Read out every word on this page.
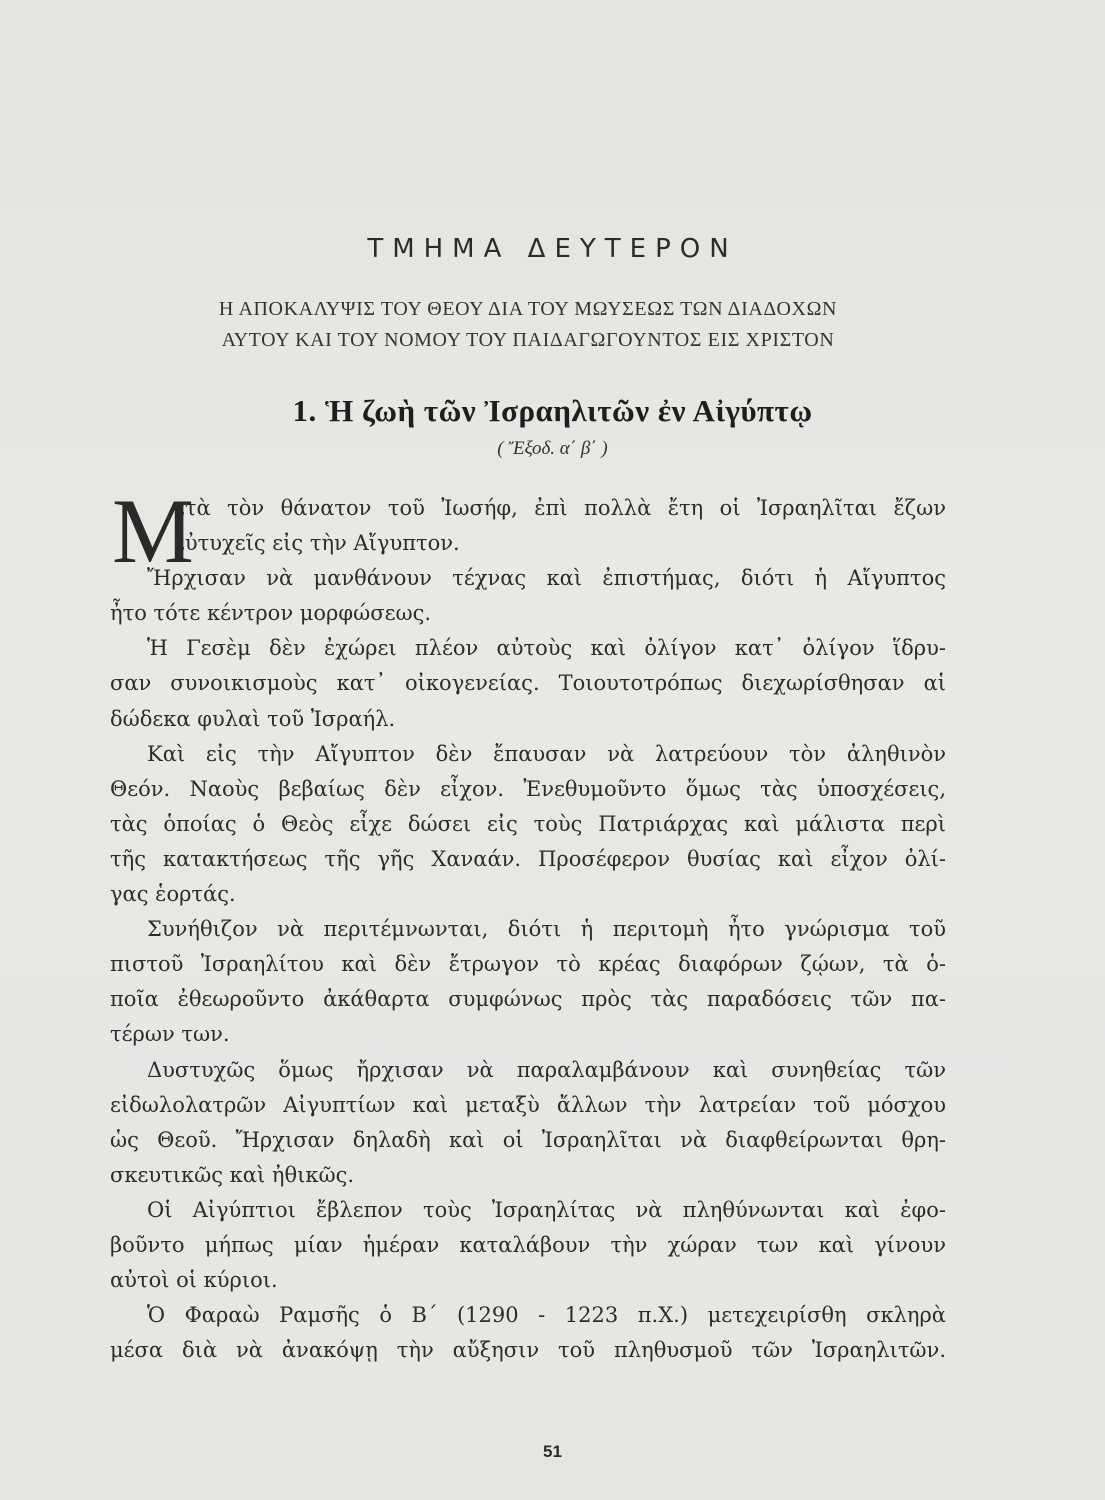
ΤΜΗΜΑ ΔΕΥΤΕΡΟΝ
Η ΑΠΟΚΑΛΥΨΙΣ ΤΟΥ ΘΕΟΥ ΔΙΑ ΤΟΥ ΜΩΥΣΕΩΣ ΤΩΝ ΔΙΑΔΟΧΩΝ
ΑΥΤΟΥ ΚΑΙ ΤΟΥ ΝΟΜΟΥ ΤΟΥ ΠΑΙΔΑΓΩΓΟΥΝΤΟΣ ΕΙΣ ΧΡΙΣΤΟΝ
1. Ἡ ζωὴ τῶν Ἰσραηλιτῶν ἐν Αἰγύπτῳ
( Ἔξοδ. α΄ β΄ )
Μ
ετὰ τὸν θάνατον τοῦ Ἰωσήφ, ἐπὶ πολλὰ ἔτη οἱ Ἰσραηλῖται ἔζων
εὐτυχεῖς εἰς τὴν Αἴγυπτον.
Ἤρχισαν νὰ μανθάνουν τέχνας καὶ ἐπιστήμας, διότι ἡ Αἴγυπτος
ἦτο τότε κέντρον μορφώσεως.
Ἡ Γεσὲμ δὲν ἐχώρει πλέον αὐτοὺς καὶ ὀλίγον κατ᾽ ὀλίγον ἵδρυ-
σαν συνοικισμοὺς κατ᾽ οἰκογενείας. Τοιουτοτρόπως διεχωρίσθησαν αἱ
δώδεκα φυλαὶ τοῦ Ἰσραήλ.
Καὶ εἰς τὴν Αἴγυπτον δὲν ἔπαυσαν νὰ λατρεύουν τὸν ἀληθινὸν
Θεόν. Ναοὺς βεβαίως δὲν εἶχον. Ἐνεθυμοῦντο ὅμως τὰς ὑποσχέσεις,
τὰς ὁποίας ὁ Θεὸς εἶχε δώσει εἰς τοὺς Πατριάρχας καὶ μάλιστα περὶ
τῆς κατακτήσεως τῆς γῆς Χαναάν. Προσέφερον θυσίας καὶ εἶχον ὀλί-
γας ἑορτάς.
Συνήθιζον νὰ περιτέμνωνται, διότι ἡ περιτομὴ ἦτο γνώρισμα τοῦ
πιστοῦ Ἰσραηλίτου καὶ δὲν ἔτρωγον τὸ κρέας διαφόρων ζῴων, τὰ ὁ-
ποῖα ἐθεωροῦντο ἀκάθαρτα συμφώνως πρὸς τὰς παραδόσεις τῶν πα-
τέρων των.
Δυστυχῶς ὅμως ἤρχισαν νὰ παραλαμβάνουν καὶ συνηθείας τῶν
εἰδωλολατρῶν Αἰγυπτίων καὶ μεταξὺ ἄλλων τὴν λατρείαν τοῦ μόσχου
ὡς Θεοῦ. Ἤρχισαν δηλαδὴ καὶ οἱ Ἰσραηλῖται νὰ διαφθείρωνται θρη-
σκευτικῶς καὶ ἠθικῶς.
Οἱ Αἰγύπτιοι ἔβλεπον τοὺς Ἰσραηλίτας νὰ πληθύνωνται καὶ ἐφο-
βοῦντο μήπως μίαν ἡμέραν καταλάβουν τὴν χώραν των καὶ γίνουν
αὐτοὶ οἱ κύριοι.
Ὁ Φαραὼ Ραμσῆς ὁ Β΄ (1290 - 1223 π.Χ.) μετεχειρίσθη σκληρὰ
μέσα διὰ νὰ ἀνακόψῃ τὴν αὔξησιν τοῦ πληθυσμοῦ τῶν Ἰσραηλιτῶν.
51
